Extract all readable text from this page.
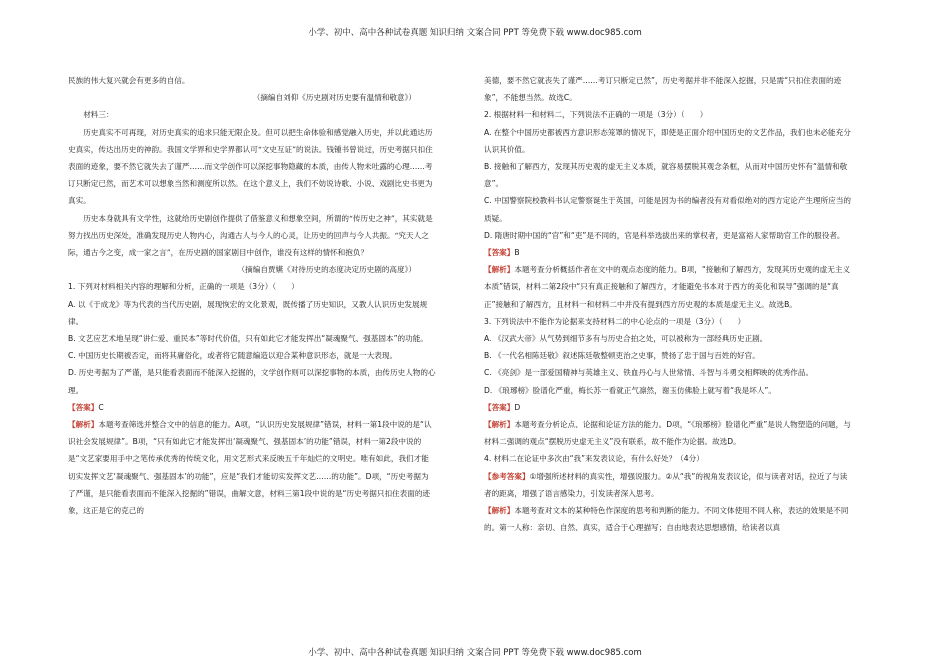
小学、初中、高中各种试卷真题 知识归纳 文案合同 PPT 等免费下载 www.doc985.com

民族的伟大复兴就会有更多的自信。

（摘编自刘仰《历史剧对历史要有温情和敬意》）

材料三：

历史真实不可再现，对历史真实的追求只能无限企及。但可以把生命体验和感觉融入历史，并以此通达历史真实，传达出历史的神韵。我国文学界和史学界都认可“文史互证”的说法。钱锺书曾说过，历史考据只扣住表面的迹象，要不然它就失去了谨严……而文学创作可以深挖事物隐藏的本质，由传人物未吐露的心理……考订只断定已然，而艺术可以想象当然和测度所以然。在这个意义上，我们不妨说诗歌、小说、戏剧比史书更为真实。

历史本身就具有文学性，这就给历史剧创作提供了借鉴意义和想象空间，所谓的“传历史之神”，其实就是努力找出历史深处，准确发现历史人物内心，沟通古人与今人的心灵，让历史的回声与今人共振。“究天人之际，通古今之变，成一家之言”，在历史剧的国家剧目中创作，谁没有这样的情怀和抱负？

（摘编自贾嬿《对待历史的态度决定历史剧的高度》）

1. 下列对材料相关内容的理解和分析，正确的一项是（3分）（　　）

A. 以《于成龙》等为代表的当代历史剧，展现恢宏的文化景观，既传播了历史知识，又教人认识历史发展规律。

B. 文艺应艺术地呈现“讲仁爱、重民本”等时代价值，只有如此它才能发挥出“凝魂聚气、强基固本”的功能。

C. 中国历史长期被否定，而将其庸俗化，或者将它随意编造以迎合某种意识形态，就是一大表现。

D. 历史考据为了严谨，是只能看表面而不能深入挖掘的，文学创作则可以深挖事物的本质，由传历史人物的心理。

【答案】C

【解析】本题考查筛选并整合文中的信息的能力。A项，“认识历史发展规律”错误，材料一第1段中说的是“认识社会发展规律”。B项，“只有如此它才能发挥出‘凝魂聚气、强基固本’的功能”错误，材料一第2段中说的是“文艺家要用手中之笔传承优秀的传统文化，用文艺形式来反映五千年灿烂的文明史。唯有如此，我们才能切实发挥文艺‘凝魂聚气、强基固本’的功能”，应是“我们才能切实发挥文艺……的功能”。D项，“历史考据为了严谨，是只能看表面而不能深入挖掘的”错误，曲解文意，材料三第1段中说的是“历史考据只扣住表面的迹象，这正是它的克己的

美德，要不然它就丧失了谨严……考订只断定已然”，历史考据并非不能深入挖掘，只是需“只扣住表面的迹象”，不能想当然。故选C。

2. 根据材料一和材料二，下列说法不正确的一项是（3分）（　　）

A. 在整个中国历史都被西方意识形态笼罩的情况下，即使是正面介绍中国历史的文艺作品，我们也未必能充分认识其价值。

B. 接触和了解西方，发现其历史观的虚无主义本质，就容易摆脱其观念条框，从而对中国历史怀有“温情和敬意”。

C. 中国警察院校教科书认定警察诞生于英国，可能是因为书的编者没有对看似绝对的西方定论产生理所应当的质疑。

D. 隋唐时期中国的“官”和“吏”是不同的，官是科举选拔出来的掌权者，吏是富裕人家帮助官工作的服役者。

【答案】B

【解析】本题考查分析概括作者在文中的观点态度的能力。B项，“接触和了解西方，发现其历史观的虚无主义本质”错误，材料二第2段中“只有真正接触和了解西方，才能避免书本对于西方的美化和误导”强调的是“真正”接触和了解西方，且材料一和材料二中并没有提到西方历史观的本质是虚无主义。故选B。

3. 下列说法中不能作为论据来支持材料二的中心论点的一项是（3分）（　　）

A. 《汉武大帝》从气势到细节多有与历史合拍之处，可以被称为一部经典历史正剧。

B. 《一代名相陈廷敬》叙述陈廷敬整顿吏治之史事，赞扬了忠于国与百姓的好官。

C. 《亮剑》是一部爱国精神与英雄主义、铁血丹心与人世常情、斗智与斗勇交相辉映的优秀作品。

D. 《琅琊榜》脸谱化严重，梅长苏一看就正气凛然，谢玉仿佛脸上就写着“我是坏人”。

【答案】D

【解析】本题考查分析论点、论据和论证方法的能力。D项，“《琅琊榜》脸谱化严重”是说人物塑造的问题，与材料二强调的观点“摆脱历史虚无主义”没有联系，故不能作为论据。故选D。

4. 材料二在论证中多次由“我”来发表议论，有什么好处？（4分）

【参考答案】①增强所述材料的真实性，增强说服力。②从“我”的视角发表议论，似与读者对话，拉近了与读者的距离，增强了语言感染力，引发读者深入思考。

【解析】本题考查对文本的某种特色作深度的思考和判断的能力。不同文体使用不同人称，表达的效果是不同的。第一人称：亲切、自然、真实，适合于心理描写；自由地表达思想感情，给读者以真

小学、初中、高中各种试卷真题 知识归纳 文案合同 PPT 等免费下载 www.doc985.com
